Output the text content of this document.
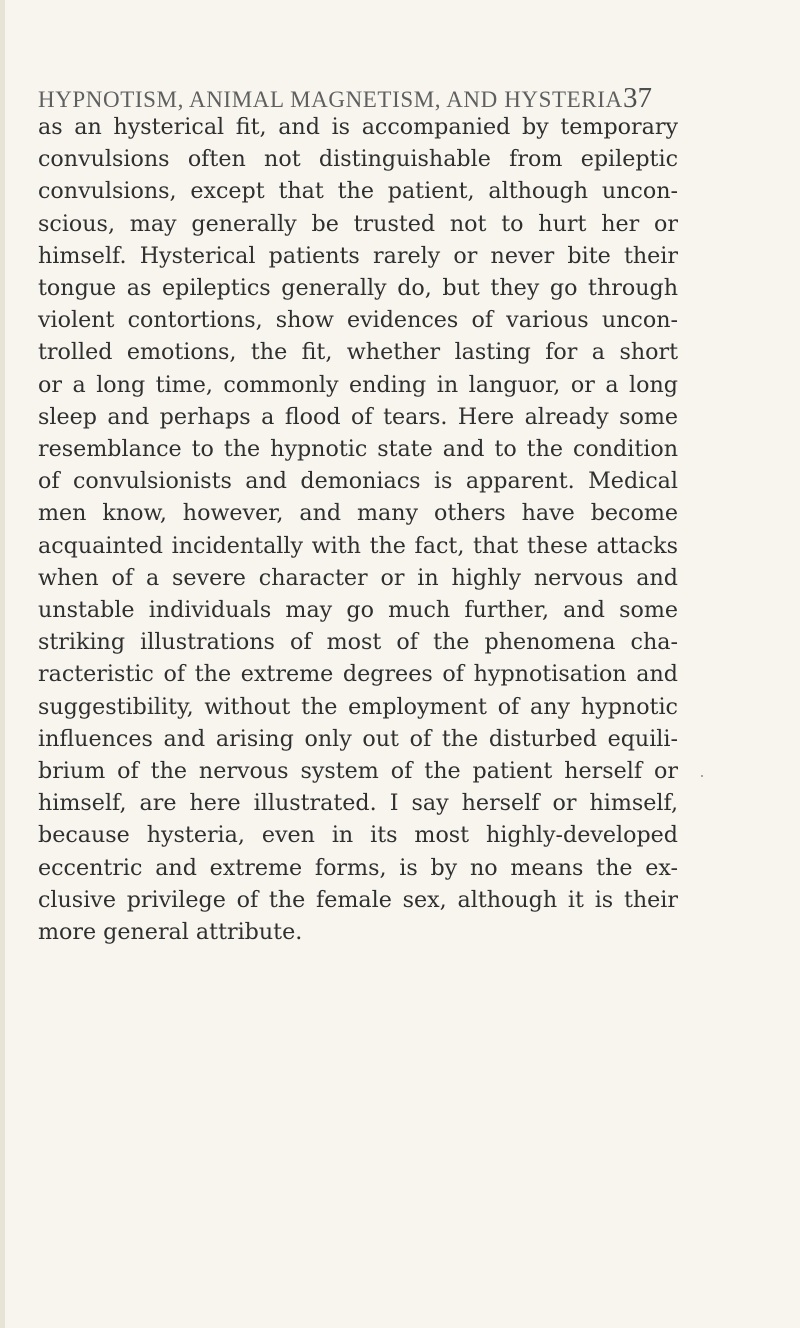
HYPNOTISM, ANIMAL MAGNETISM, AND HYSTERIA 37
as an hysterical fit, and is accompanied by temporary
convulsions often not distinguishable from epileptic
convulsions, except that the patient, although uncon-
scious, may generally be trusted not to hurt her or
himself. Hysterical patients rarely or never bite their
tongue as epileptics generally do, but they go through
violent contortions, show evidences of various uncon-
trolled emotions, the fit, whether lasting for a short
or a long time, commonly ending in languor, or a long
sleep and perhaps a flood of tears. Here already some
resemblance to the hypnotic state and to the condition
of convulsionists and demoniacs is apparent. Medical
men know, however, and many others have become
acquainted incidentally with the fact, that these attacks
when of a severe character or in highly nervous and
unstable individuals may go much further, and some
striking illustrations of most of the phenomena cha-
racteristic of the extreme degrees of hypnotisation and
suggestibility, without the employment of any hypnotic
influences and arising only out of the disturbed equili-
brium of the nervous system of the patient herself or
himself, are here illustrated. I say herself or himself,
because hysteria, even in its most highly-developed
eccentric and extreme forms, is by no means the ex-
clusive privilege of the female sex, although it is their
more general attribute.
